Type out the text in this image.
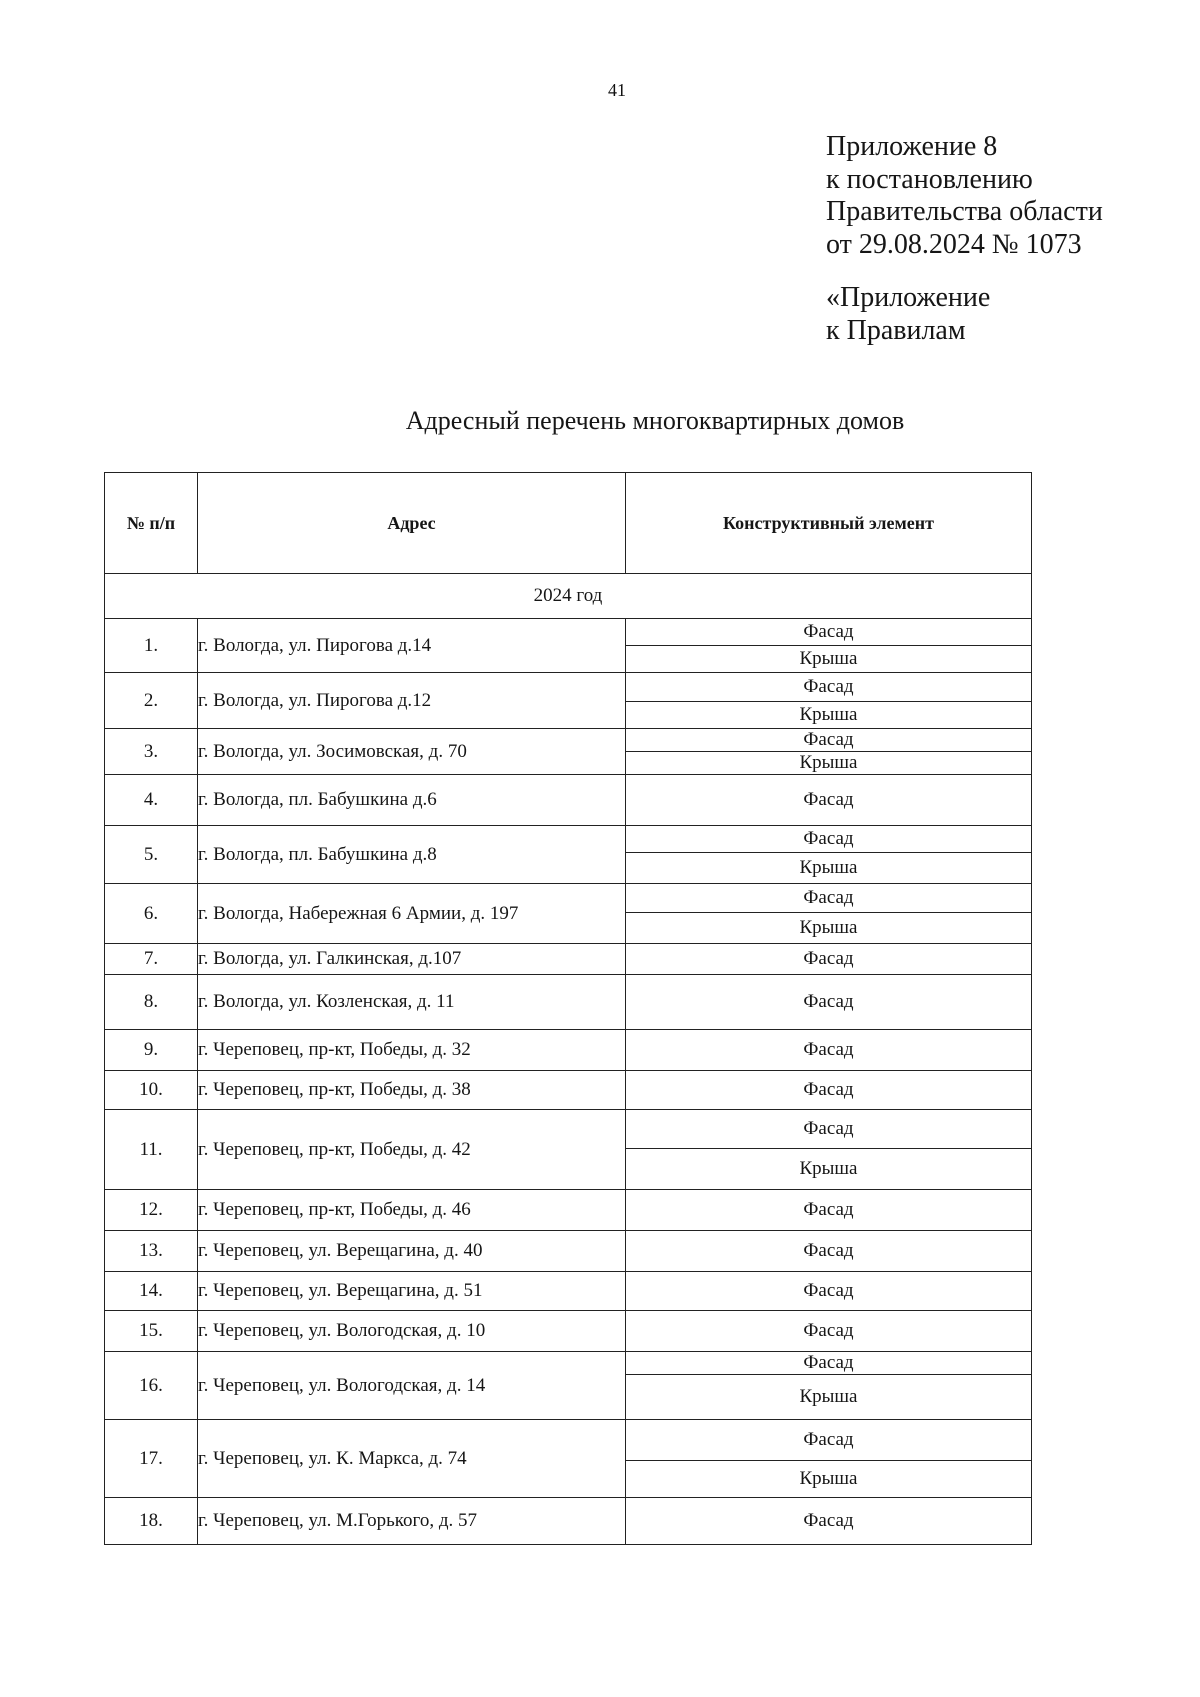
41
Приложение 8
к постановлению
Правительства области
от 29.08.2024 № 1073
«Приложение
к Правилам
Адресный перечень многоквартирных домов
№ п/п	Адрес	Конструктивный элемент
2024 год		
1.	г. Вологда, ул. Пирогова д.14	Фасад
		Крыша
2.	г. Вологда, ул. Пирогова д.12	Фасад
		Крыша
3.	г. Вологда, ул. Зосимовская, д. 70	Фасад
		Крыша
4.	г. Вологда, пл. Бабушкина д.6	Фасад
5.	г. Вологда, пл. Бабушкина д.8	Фасад
		Крыша
6.	г. Вологда, Набережная 6 Армии, д. 197	Фасад
		Крыша
7.	г. Вологда, ул. Галкинская, д.107	Фасад
8.	г. Вологда, ул. Козленская, д. 11	Фасад
9.	г. Череповец, пр-кт, Победы, д. 32	Фасад
10.	г. Череповец, пр-кт, Победы, д. 38	Фасад
11.	г. Череповец, пр-кт, Победы, д. 42	Фасад
		Крыша
12.	г. Череповец, пр-кт, Победы, д. 46	Фасад
13.	г. Череповец, ул. Верещагина, д. 40	Фасад
14.	г. Череповец, ул. Верещагина, д. 51	Фасад
15.	г. Череповец, ул. Вологодская, д. 10	Фасад
16.	г. Череповец, ул. Вологодская, д. 14	Фасад
		Крыша
17.	г. Череповец, ул. К. Маркса, д. 74	Фасад
		Крыша
18.	г. Череповец, ул. М.Горького, д. 57	Фасад
